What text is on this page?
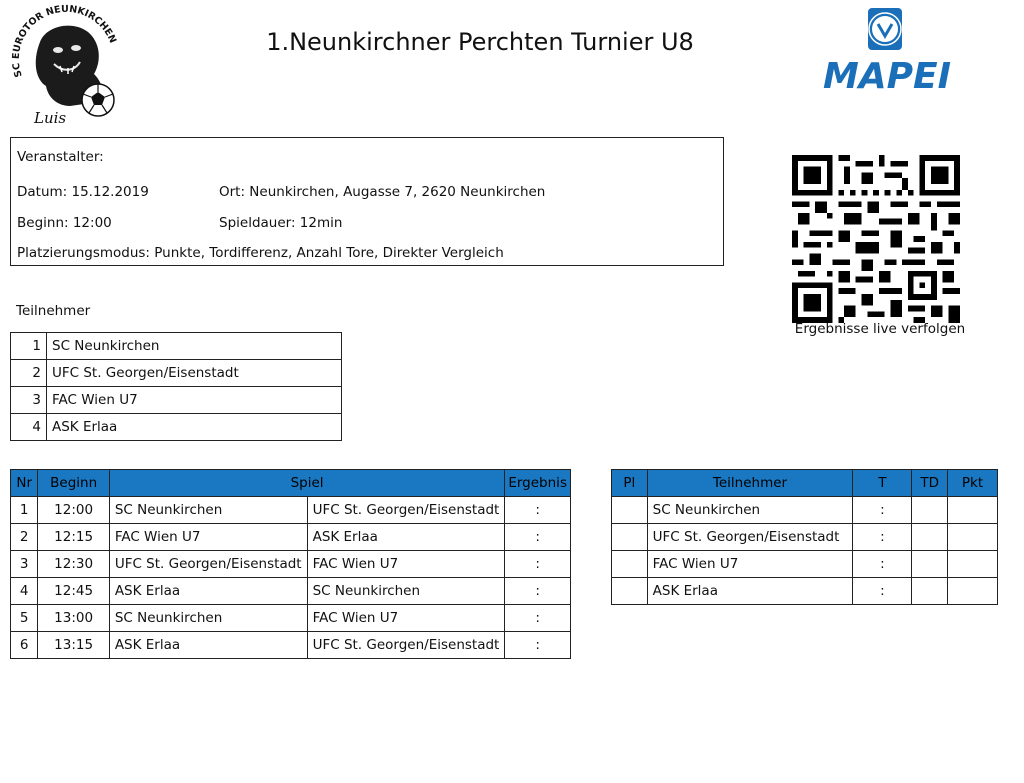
SC EUROTOR NEUNKIRCHEN
Luis
1.Neunkirchner Perchten Turnier U8
MAPEI
Veranstalter:
Datum: 15.12.2019	Ort: Neunkirchen, Augasse 7, 2620 Neunkirchen
Beginn: 12:00	Spieldauer: 12min
Platzierungsmodus: Punkte, Tordifferenz, Anzahl Tore, Direkter Vergleich
Ergebnisse live verfolgen
Teilnehmer
1	SC Neunkirchen
2	UFC St. Georgen/Eisenstadt
3	FAC Wien U7
4	ASK Erlaa
Nr	Beginn	Spiel		Ergebnis
1	12:00	SC Neunkirchen	UFC St. Georgen/Eisenstadt	:
2	12:15	FAC Wien U7	ASK Erlaa	:
3	12:30	UFC St. Georgen/Eisenstadt	FAC Wien U7	:
4	12:45	ASK Erlaa	SC Neunkirchen	:
5	13:00	SC Neunkirchen	FAC Wien U7	:
6	13:15	ASK Erlaa	UFC St. Georgen/Eisenstadt	:
Pl	Teilnehmer	T	TD	Pkt
	SC Neunkirchen	:		
	UFC St. Georgen/Eisenstadt	:		
	FAC Wien U7	:		
	ASK Erlaa	:		
